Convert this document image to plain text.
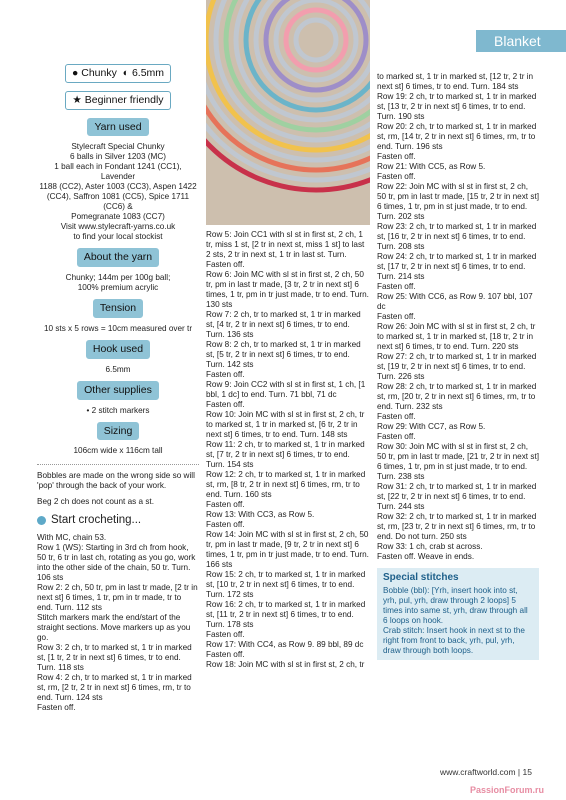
Blanket
● Chunky  ◐ 6.5mm
★ Beginner friendly
Yarn used

Stylecraft Special Chunky

6 balls in Silver 1203 (MC)

1 ball each in Fondant 1241 (CC1), Lavender

1188 (CC2), Aster 1003 (CC3), Aspen 1422

(CC4), Saffron 1081 (CC5), Spice 1711 (CC6) &

Pomegranate 1083 (CC7)

Visit www.stylecraft-yarns.co.uk

to find your local stockist

About the yarn

Chunky; 144m per 100g ball;

100% premium acrylic

Tension

10 sts x 5 rows = 10cm measured over tr

Hook used

6.5mm

Other supplies

• 2 stitch markers

Sizing

106cm wide x 116cm tall

Bobbles are made on the wrong side so will 'pop' through the back of your work.

Beg 2 ch does not count as a st.

Start crocheting...

With MC, chain 53.

Row 1 (WS): Starting in 3rd ch from hook, 50 tr, 6 tr in last ch, rotating as you go, work into the other side of the chain, 50 tr. Turn. 106 sts

Row 2: 2 ch, 50 tr, pm in last tr made, [2 tr in next st] 6 times, 1 tr, pm in tr made, tr to end. Turn. 112 sts

Stitch markers mark the end/start of the straight sections. Move markers up as you go.

Row 3: 2 ch, tr to marked st, 1 tr in marked st, [1 tr, 2 tr in next st] 6 times, tr to end. Turn. 118 sts

Row 4: 2 ch, tr to marked st, 1 tr in marked st, rm, [2 tr, 2 tr in next st] 6 times, rm, tr to end. Turn. 124 sts

Fasten off.

Row 5: Join CC1 with sl st in first st, 2 ch, 1 tr, miss 1 st, [2 tr in next st, miss 1 st] to last 2 sts, 2 tr in next st, 1 tr in last st. Turn.

Fasten off.

Row 6: Join MC with sl st in first st, 2 ch, 50 tr, pm in last tr made, [3 tr, 2 tr in next st] 6 times, 1 tr, pm in tr just made, tr to end. Turn. 130 sts

Row 7: 2 ch, tr to marked st, 1 tr in marked st, [4 tr, 2 tr in next st] 6 times, tr to end. Turn. 136 sts

Row 8: 2 ch, tr to marked st, 1 tr in marked st, [5 tr, 2 tr in next st] 6 times, tr to end. Turn. 142 sts

Fasten off.

Row 9: Join CC2 with sl st in first st, 1 ch, [1 bbl, 1 dc] to end. Turn. 71 bbl, 71 dc

Fasten off.

Row 10: Join MC with sl st in first st, 2 ch, tr to marked st, 1 tr in marked st, [6 tr, 2 tr in next st] 6 times, tr to end. Turn. 148 sts

Row 11: 2 ch, tr to marked st, 1 tr in marked st, [7 tr, 2 tr in next st] 6 times, tr to end. Turn. 154 sts

Row 12: 2 ch, tr to marked st, 1 tr in marked st, rm, [8 tr, 2 tr in next st] 6 times, rm, tr to end. Turn. 160 sts

Fasten off.

Row 13: With CC3, as Row 5.

Fasten off.

Row 14: Join MC with sl st in first st, 2 ch, 50 tr, pm in last tr made, [9 tr, 2 tr in next st] 6 times, 1 tr, pm in tr just made, tr to end. Turn. 166 sts

Row 15: 2 ch, tr to marked st, 1 tr in marked st, [10 tr, 2 tr in next st] 6 times, tr to end. Turn. 172 sts

Row 16: 2 ch, tr to marked st, 1 tr in marked st, [11 tr, 2 tr in next st] 6 times, tr to end. Turn. 178 sts

Fasten off.

Row 17: With CC4, as Row 9. 89 bbl, 89 dc

Fasten off.

Row 18: Join MC with sl st in first st, 2 ch, tr

to marked st, 1 tr in marked st, [12 tr, 2 tr in next st] 6 times, tr to end. Turn. 184 sts

Row 19: 2 ch, tr to marked st, 1 tr in marked st, [13 tr, 2 tr in next st] 6 times, tr to end. Turn. 190 sts

Row 20: 2 ch, tr to marked st, 1 tr in marked st, rm, [14 tr, 2 tr in next st] 6 times, rm, tr to end. Turn. 196 sts

Fasten off.

Row 21: With CC5, as Row 5.

Fasten off.

Row 22: Join MC with sl st in first st, 2 ch, 50 tr, pm in last tr made, [15 tr, 2 tr in next st] 6 times, 1 tr, pm in st just made, tr to end. Turn. 202 sts

Row 23: 2 ch, tr to marked st, 1 tr in marked st, [16 tr, 2 tr in next st] 6 times, tr to end. Turn. 208 sts

Row 24: 2 ch, tr to marked st, 1 tr in marked st, [17 tr, 2 tr in next st] 6 times, tr to end. Turn. 214 sts

Fasten off.

Row 25: With CC6, as Row 9. 107 bbl, 107 dc

Fasten off.

Row 26: Join MC with sl st in first st, 2 ch, tr to marked st, 1 tr in marked st, [18 tr, 2 tr in next st] 6 times, tr to end. Turn. 220 sts

Row 27: 2 ch, tr to marked st, 1 tr in marked st, [19 tr, 2 tr in next st] 6 times, tr to end. Turn. 226 sts

Row 28: 2 ch, tr to marked st, 1 tr in marked st, rm, [20 tr, 2 tr in next st] 6 times, rm, tr to end. Turn. 232 sts

Fasten off.

Row 29: With CC7, as Row 5.

Fasten off.

Row 30: Join MC with sl st in first st, 2 ch, 50 tr, pm in last tr made, [21 tr, 2 tr in next st] 6 times, 1 tr, pm in st just made, tr to end. Turn. 238 sts

Row 31: 2 ch, tr to marked st, 1 tr in marked st, [22 tr, 2 tr in next st] 6 times, tr to end. Turn. 244 sts

Row 32: 2 ch, tr to marked st, 1 tr in marked st, rm, [23 tr, 2 tr in next st] 6 times, rm, tr to end. Do not turn. 250 sts

Row 33: 1 ch, crab st across.

Fasten off. Weave in ends.

Special stitches

Bobble (bbl): [Yrh, insert hook into st, yrh, pul, yrh, draw through 2 loops] 5 times into same st, yrh, draw through all 6 loops on hook.

Crab stitch: Insert hook in next st to the right from front to back, yrh, pul, yrh, draw through both loops.

www.craftworld.com | 15
PassionForum.ru
